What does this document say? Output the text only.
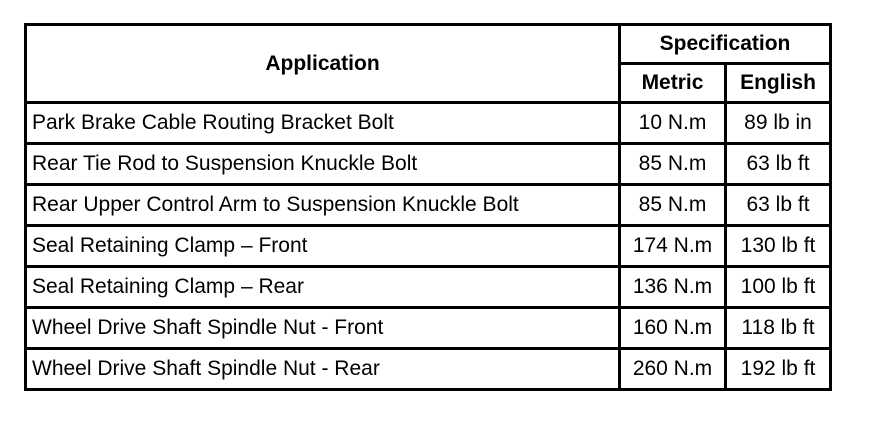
Application	Specification	
	Metric	English
Park Brake Cable Routing Bracket Bolt	10 N.m	89 lb in
Rear Tie Rod to Suspension Knuckle Bolt	85 N.m	63 lb ft
Rear Upper Control Arm to Suspension Knuckle Bolt	85 N.m	63 lb ft
Seal Retaining Clamp – Front	174 N.m	130 lb ft
Seal Retaining Clamp – Rear	136 N.m	100 lb ft
Wheel Drive Shaft Spindle Nut - Front	160 N.m	118 lb ft
Wheel Drive Shaft Spindle Nut - Rear	260 N.m	192 lb ft
